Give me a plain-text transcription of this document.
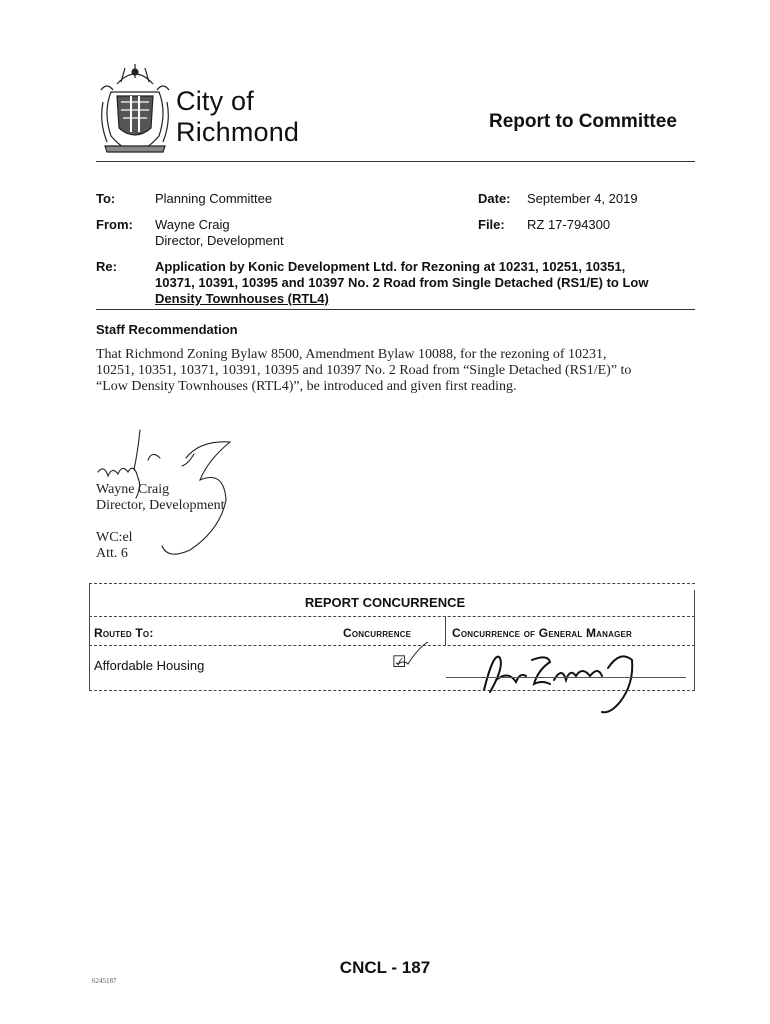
City of
Richmond	Report to Committee
To:	Planning Committee	Date: September 4, 2019
From: Wayne Craig
Director, Development
File: RZ 17-794300
Re:	Application by Konic Development Ltd. for Rezoning at 10231, 10251, 10351,
10371, 10391, 10395 and 10397 No. 2 Road from Single Detached (RS1/E) to Low
Density Townhouses (RTL4)
Staff Recommendation
That Richmond Zoning Bylaw 8500, Amendment Bylaw 10088, for the rezoning of 10231,
10251, 10351, 10371, 10391, 10395 and 10397 No. 2 Road from “Single Detached (RS1/E)” to
“Low Density Townhouses (RTL4)”, be introduced and given first reading.
Wayne Craig
Director, Development
WC:el
Att. 6
REPORT CONCURRENCE
Routed To:	Concurrence	Concurrence of General Manager
Affordable Housing	☑
CNCL - 187
6245187
